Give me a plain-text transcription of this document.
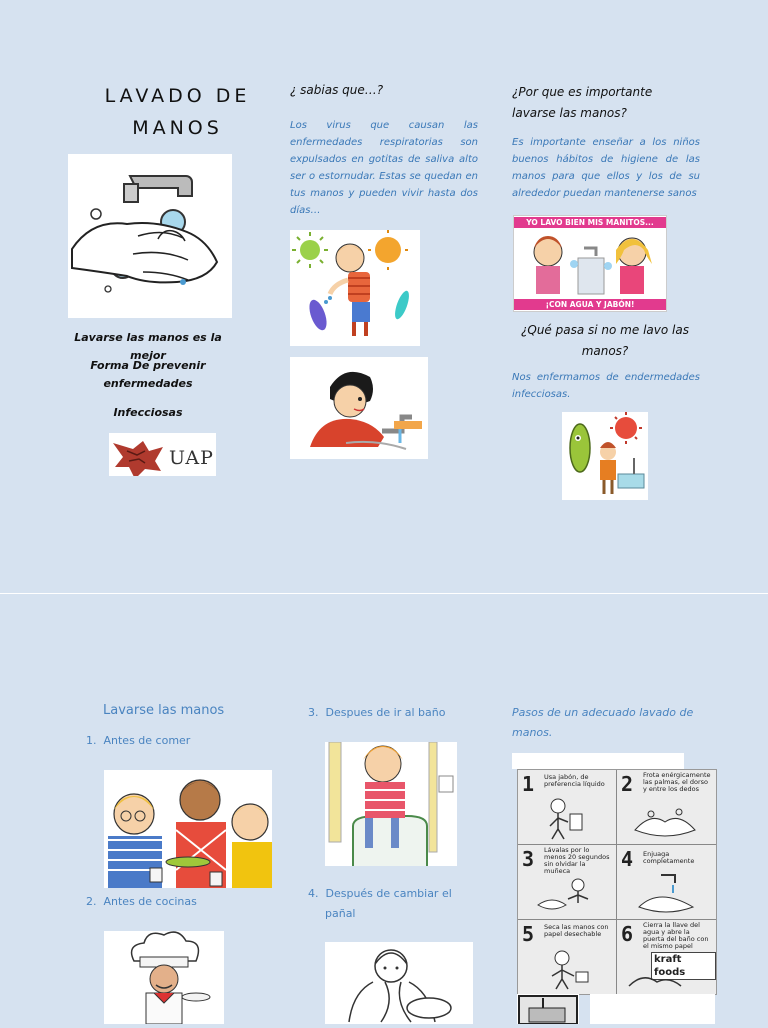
LAVADO DE
MANOS
Lavarse las manos es la mejor
Forma De prevenir enfermedades
Infecciosas
UAP
¿ sabias que…?
Los virus que causan las enfermedades respiratorias son expulsados en gotitas de saliva alto ser o estornudar. Estas se quedan en tus manos y pueden vivir hasta dos días…
¿Por que es importante lavarse las manos?
Es importante enseñar a los niños buenos hábitos de higiene de las manos para que ellos y los de su alrededor puedan mantenerse sanos
YO LAVO BIEN MIS MANITOS...
¡CON AGUA Y JABÓN!
¿Qué pasa si no me lavo las manos?
Nos enfermamos de endermedades infecciosas.
Lavarse las manos
1.  Antes de comer
2.  Antes de cocinas
3.  Despues de ir al baño
4.  Después de cambiar el
pañal
Pasos de un adecuado lavado de manos.
1 Usa jabón, de preferencia líquido 2 Frota enérgicamente las palmas, el dorso y entre los dedos
3 Lávalas por lo menos 20 segundos sin olvidar la muñeca	4 Enjuaga completamente
5 Seca las manos con papel desechable 6 Cierra la llave del agua y abre la puerta del baño con el mismo papel
kraft foods
